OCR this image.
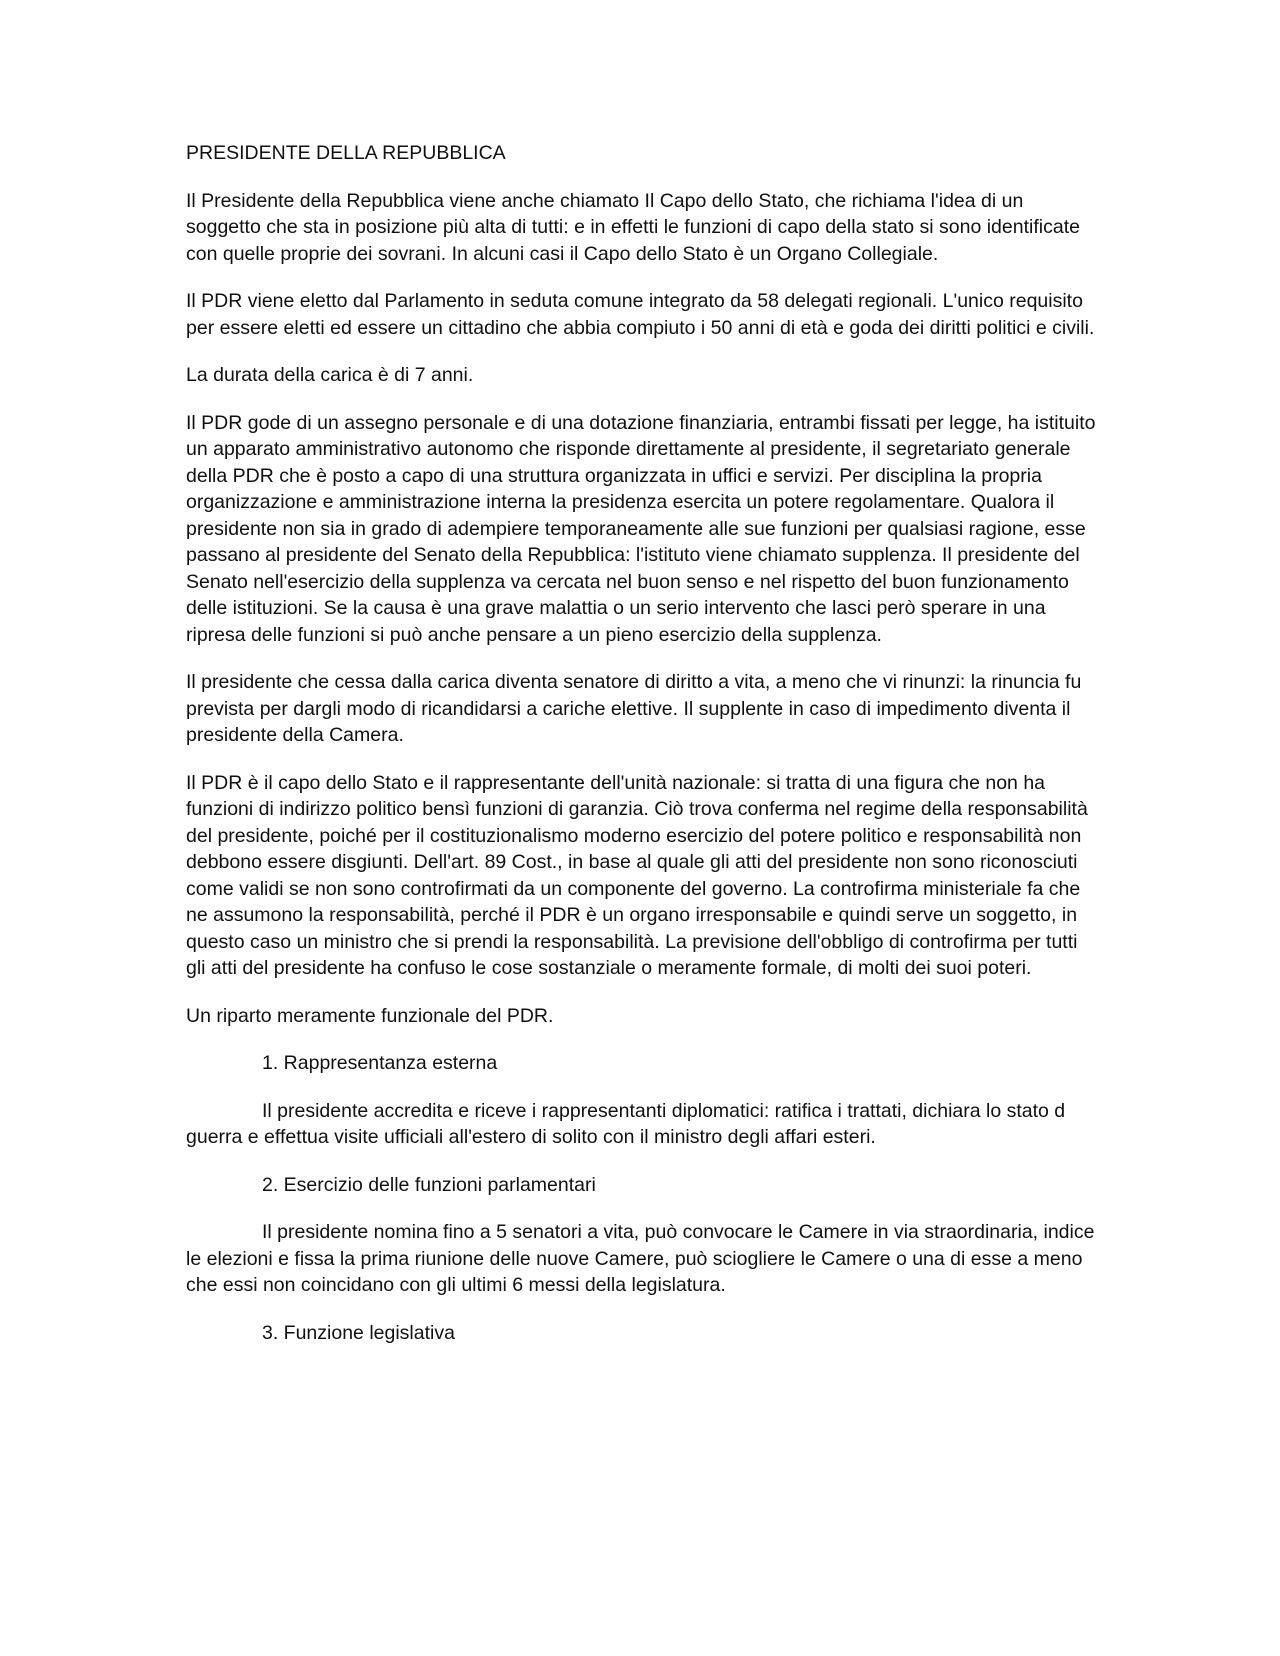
PRESIDENTE DELLA REPUBBLICA

Il Presidente della Repubblica viene anche chiamato Il Capo dello Stato, che richiama l'idea di un soggetto che sta in posizione più alta di tutti: e in effetti le funzioni di capo della stato si sono identificate con quelle proprie dei sovrani. In alcuni casi il Capo dello Stato è un Organo Collegiale.

Il PDR viene eletto dal Parlamento in seduta comune integrato da 58 delegati regionali. L'unico requisito per essere eletti ed essere un cittadino che abbia compiuto i 50 anni di età e goda dei diritti politici e civili.

La durata della carica è di 7 anni.

Il PDR gode di un assegno personale e di una dotazione finanziaria, entrambi fissati per legge, ha istituito un apparato amministrativo autonomo che risponde direttamente al presidente, il segretariato generale della PDR che è posto a capo di una struttura organizzata in uffici e servizi. Per disciplina la propria organizzazione e amministrazione interna la presidenza esercita un potere regolamentare. Qualora il presidente non sia in grado di adempiere temporaneamente alle sue funzioni per qualsiasi ragione, esse passano al presidente del Senato della Repubblica: l'istituto viene chiamato supplenza. Il presidente del Senato nell'esercizio della supplenza va cercata nel buon senso e nel rispetto del buon funzionamento delle istituzioni. Se la causa è una grave malattia o un serio intervento che lasci però sperare in una ripresa delle funzioni si può anche pensare a un pieno esercizio della supplenza.

Il presidente che cessa dalla carica diventa senatore di diritto a vita, a meno che vi rinunzi: la rinuncia fu prevista per dargli modo di ricandidarsi a cariche elettive. Il supplente in caso di impedimento diventa il presidente della Camera.

Il PDR è il capo dello Stato e il rappresentante dell'unità nazionale: si tratta di una figura che non ha funzioni di indirizzo politico bensì funzioni di garanzia. Ciò trova conferma nel regime della responsabilità del presidente, poiché per il costituzionalismo moderno esercizio del potere politico e responsabilità non debbono essere disgiunti. Dell'art. 89 Cost., in base al quale gli atti del presidente non sono riconosciuti come validi se non sono controfirmati da un componente del governo. La controfirma ministeriale fa che ne assumono la responsabilità, perché il PDR è un organo irresponsabile e quindi serve un soggetto, in questo caso un ministro che si prendi la responsabilità. La previsione dell'obbligo di controfirma per tutti gli atti del presidente ha confuso le cose sostanziale o meramente formale, di molti dei suoi poteri.

Un riparto meramente funzionale del PDR.

1. Rappresentanza esterna

Il presidente accredita e riceve i rappresentanti diplomatici: ratifica i trattati, dichiara lo stato d guerra e effettua visite ufficiali all'estero di solito con il ministro degli affari esteri.

2. Esercizio delle funzioni parlamentari

Il presidente nomina fino a 5 senatori a vita, può convocare le Camere in via straordinaria, indice le elezioni e fissa la prima riunione delle nuove Camere, può sciogliere le Camere o una di esse a meno che essi non coincidano con gli ultimi 6 messi della legislatura.

3. Funzione legislativa
